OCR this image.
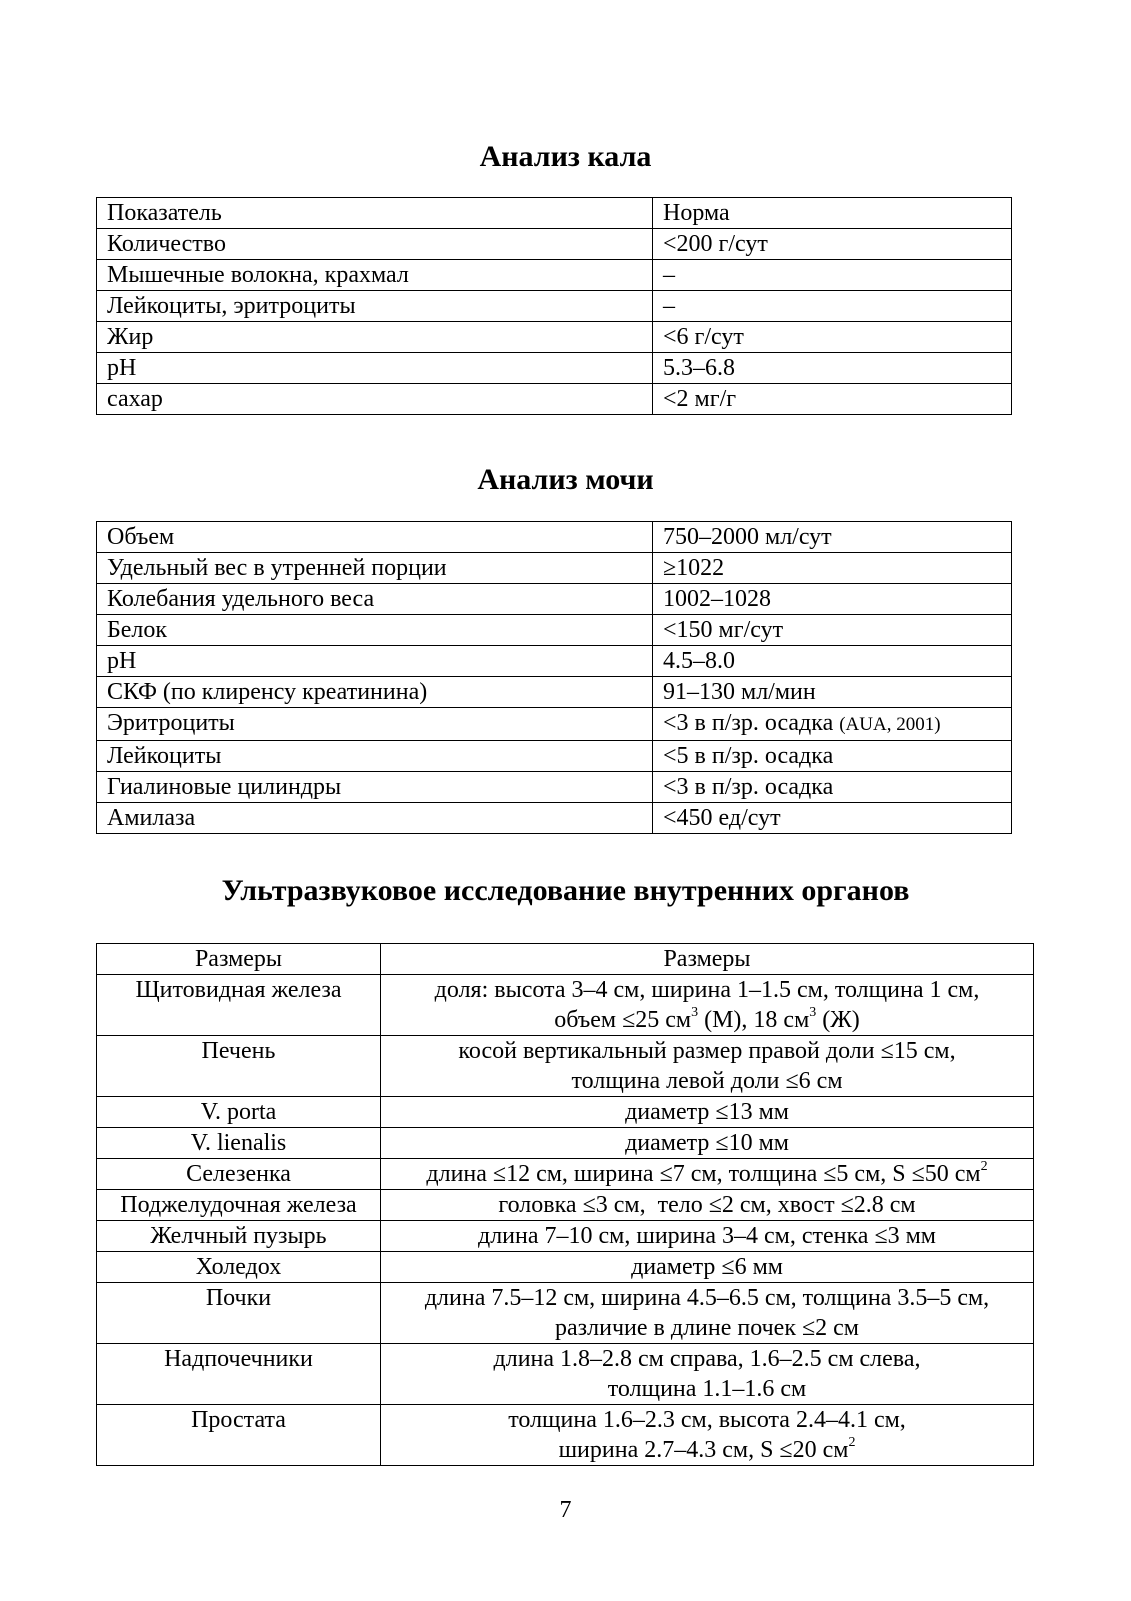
Анализ кала
Показатель	Норма
Количество	<200 г/сут
Мышечные волокна, крахмал	–
Лейкоциты, эритроциты	–
Жир	<6 г/сут
pH	5.3–6.8
сахар	<2 мг/г
Анализ мочи
Объем	750–2000 мл/сут
Удельный вес в утренней порции	≥1022
Колебания удельного веса	1002–1028
Белок	<150 мг/сут
pH	4.5–8.0
СКФ (по клиренсу креатинина)	91–130 мл/мин
Эритроциты	<3 в п/зр. осадка (AUA, 2001)
Лейкоциты	<5 в п/зр. осадка
Гиалиновые цилиндры	<3 в п/зр. осадка
Амилаза	<450 ед/сут
Ультразвуковое исследование внутренних органов
Размеры	Размеры
Щитовидная железа	доля: высота 3–4 см, ширина 1–1.5 см, толщина 1 см,
объем ≤25 $см^3$ (М), 18 $см^3$ (Ж)
Печень	косой вертикальный размер правой доли ≤15 см,
толщина левой доли ≤6 см
V. porta	диаметр ≤13 мм
V. lienalis	диаметр ≤10 мм
Селезенка	длина ≤12 см, ширина ≤7 см, толщина ≤5 см, S ≤50 $см^2$
Поджелудочная железа	головка ≤3 см,  тело ≤2 см, хвост ≤2.8 см
Желчный пузырь	длина 7–10 см, ширина 3–4 см, стенка ≤3 мм
Холедох	диаметр ≤6 мм
Почки	длина 7.5–12 см, ширина 4.5–6.5 см, толщина 3.5–5 см,
различие в длине почек ≤2 см
Надпочечники	длина 1.8–2.8 см справа, 1.6–2.5 см слева,
толщина 1.1–1.6 см
Простата	толщина 1.6–2.3 см, высота 2.4–4.1 см,
ширина 2.7–4.3 см, S ≤20 $см^2$
7
